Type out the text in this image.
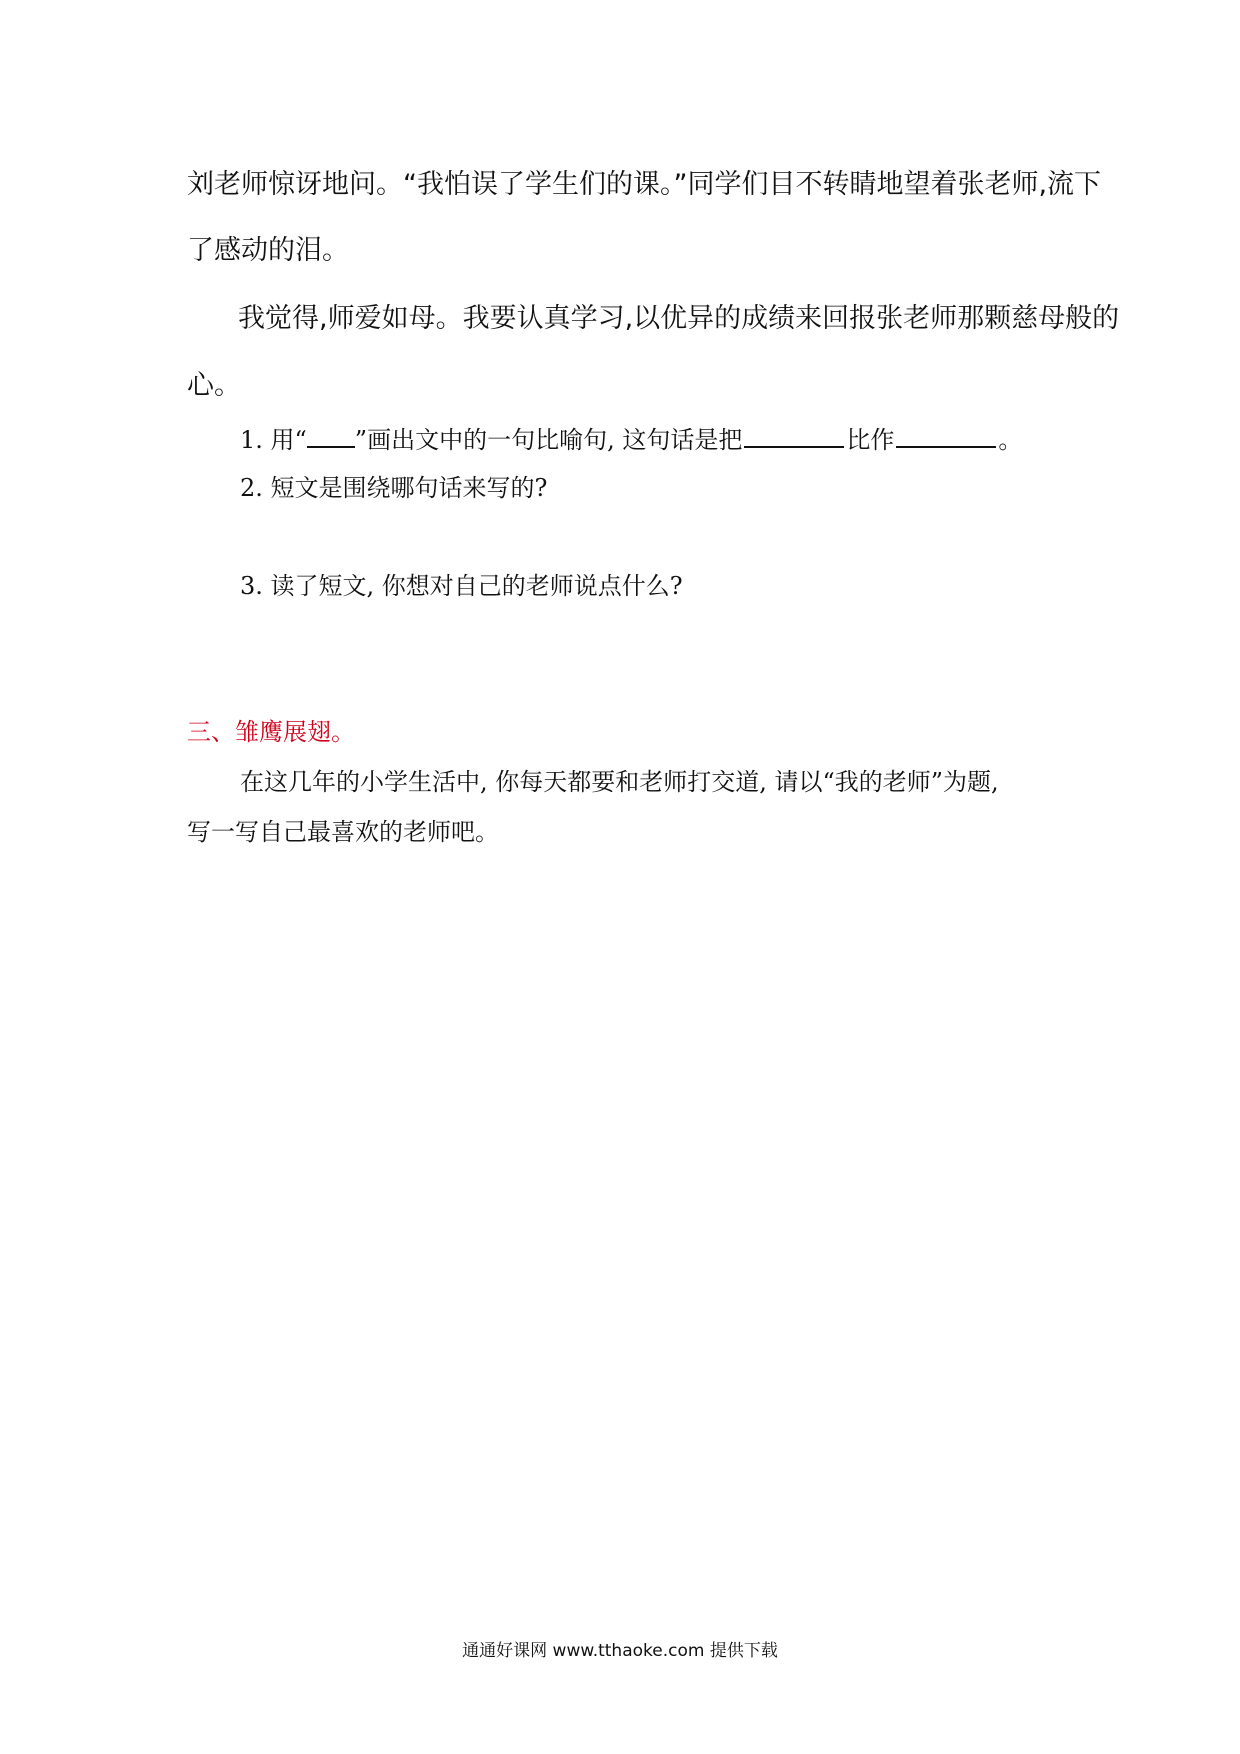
刘老师惊讶地问。“我怕误了学生们的课。”同学们目不转睛地望着张老师,流下
了感动的泪。
我觉得,师爱如母。我要认真学习,以优异的成绩来回报张老师那颗慈母般的
心。
1. 用“ ”画出文中的一句比喻句, 这句话是把	比作	。
2. 短文是围绕哪句话来写的?
3. 读了短文, 你想对自己的老师说点什么?
三、雏鹰展翅。
在这几年的小学生活中, 你每天都要和老师打交道, 请以“我的老师”为题,
写一写自己最喜欢的老师吧。
通通好课网 www.tthaoke.com 提供下载
